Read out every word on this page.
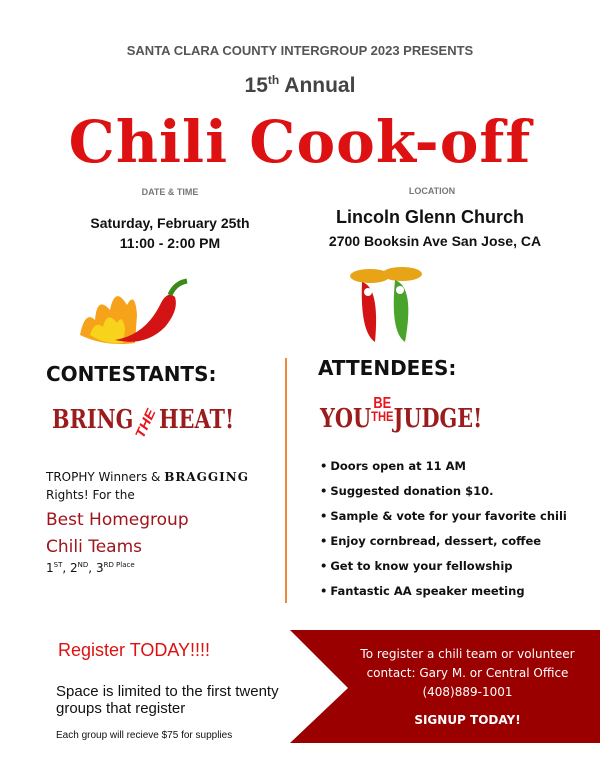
SANTA CLARA COUNTY INTERGROUP 2023 PRESENTS
15th Annual
Chili Cook-off
DATE & TIME	LOCATION
Saturday, February 25th
11:00 - 2:00 PM
Lincoln Glenn Church
2700 Booksin Ave San Jose, CA
CONTESTANTS:	ATTENDEES:
BRINGTHEHEAT!	YOU
BE
THE JUDGE!
TROPHY Winners & BRAGGING
Rights! For the
Best Homegroup
Chili Teams
1ST, 2ND, $3^{RD Place}$
• Doors open at 11 AM
• Suggested donation $10.
• Sample & vote for your favorite chili
• Enjoy cornbread, dessert, coffee
• Get to know your fellowship
• Fantastic AA speaker meeting
Register TODAY!!!!
Space is limited to the first twenty groups that register
Each group will recieve $75 for supplies
To register a chili team or volunteer
contact: Gary M. or Central Office
(408)889-1001
SIGNUP TODAY!
